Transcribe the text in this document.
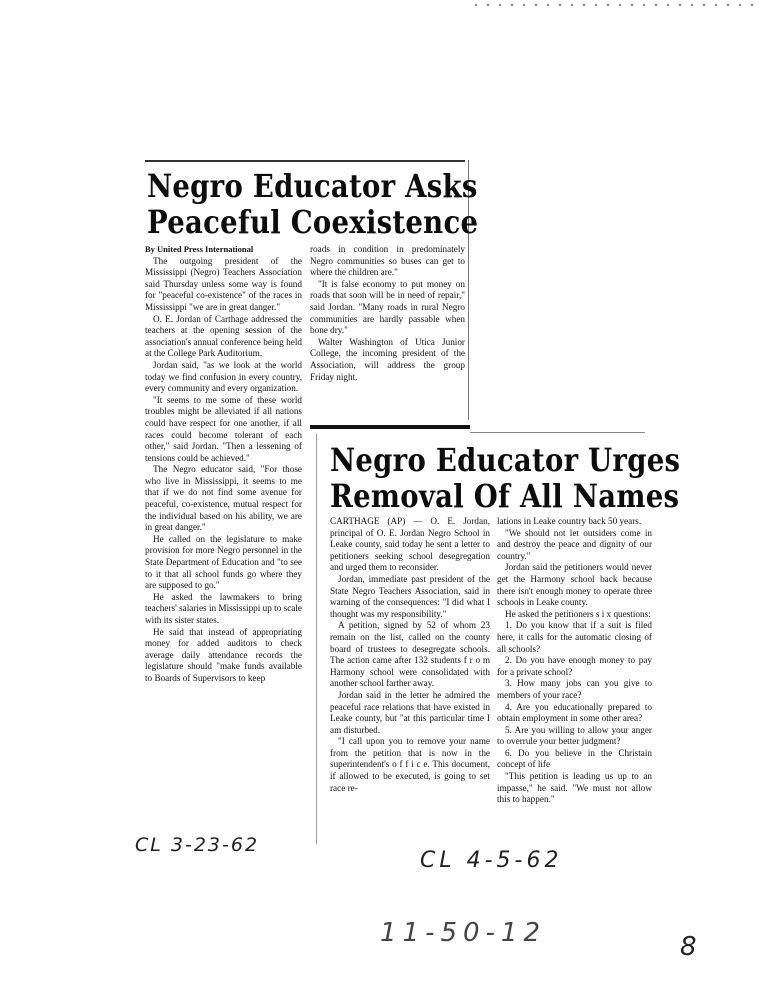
Negro Educator Asks
Peaceful Coexistence

By United Press International

The outgoing president of the Mississippi (Negro) Teachers Association said Thursday unless some way is found for "peaceful co-existence" of the races in Mississippi "we are in great danger."

O. E. Jordan of Carthage addressed the teachers at the opening session of the association's annual conference being held at the College Park Auditorium.

Jordan said, "as we look at the world today we find confusion in every country, every community and every organization.

"It seems to me some of these world troubles might be alleviated if all nations could have respect for one another, if all races could become tolerant of each other," said Jordan. "Then a lessening of tensions could be achieved."

The Negro educator said, "For those who live in Mississippi, it seems to me that if we do not find some avenue for peaceful, co-existence, mutual respect for the individual based on his ability, we are in great danger."

He called on the legislature to make provision for more Negro personnel in the State Department of Education and "to see to it that all school funds go where they are supposed to go."

He asked the lawmakers to bring teachers' salaries in Mississippi up to scale with its sister states.

He said that instead of appropriating money for added auditors to check average daily attendance records the legislature should "make funds available to Boards of Supervisors to keep

roads in condition in predominately Negro communities so buses can get to where the children are."

"It is false economy to put money on roads that soon will be in need of repair," said Jordan. "Many roads in rural Negro communities are hardly passable when bone dry."

Walter Washington of Utica Junior College, the incoming president of the Association, will address the group Friday night.

CL 3-23-62
Negro Educator Urges
Removal Of All Names

CARTHAGE (AP) — O. E. Jordan, principal of O. E. Jordan Negro School in Leake county, said today he sent a letter to petitioners seeking school desegregation and urged them to reconsider.

Jordan, immediate past president of the State Negro Teachers Association, said in warning of the consequences: "I did what I thought was my responsibility."

A petition, signed by 52 of whom 23 remain on the list, called on the county board of trustees to desegregate schools. The action came after 132 students f r o m Harmony school were consolidated with another school farther away.

Jordan said in the letter he admired the peaceful race relations that have existed in Leake county, but "at this particular time I am disturbed.

"I call upon you to remove your name from the petition that is now in the superintendent's o f f i c e. This document, if allowed to be executed, is going to set race re-

lations in Leake country back 50 years.

"We should not let outsiders come in and destroy the peace and dignity of our country."

Jordan said the petitioners would never get the Harmony school back because there isn't enough money to operate three schools in Leake county.

He asked the petitioners s i x questions:

1. Do you know that if a suit is filed here, it calls for the automatic closing of all schools?

2. Do you have enough money to pay for a private school?

3. How many jobs can you give to members of your race?

4. Are you educationally prepared to obtain employment in some other area?

5. Are you willing to allow your anger to overrule your better judgment?

6. Do you believe in the Christain concept of life

"This petition is leading us up to an impasse," he said. "We must not allow this to happen."

CL 4-5-62
11-50-12	8
